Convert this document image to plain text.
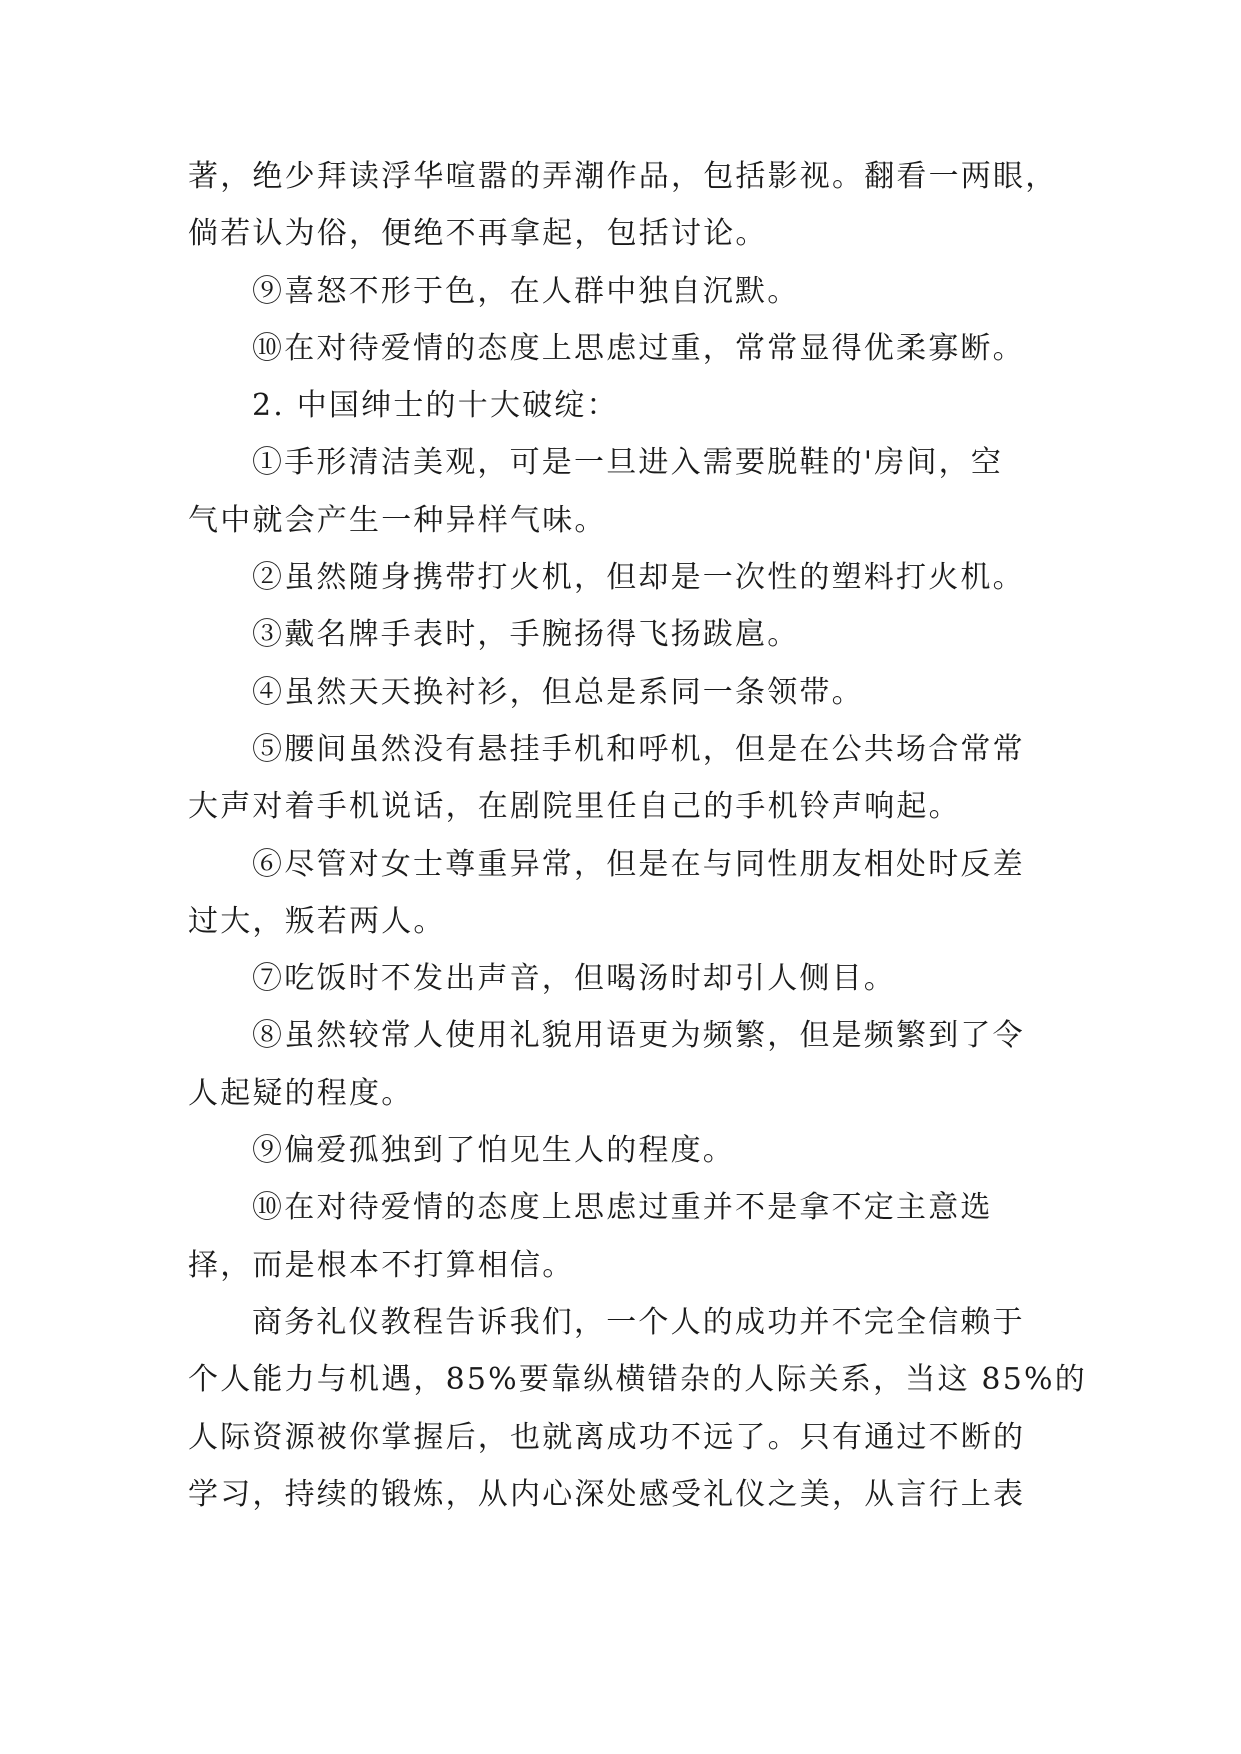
著，绝少拜读浮华喧嚣的弄潮作品，包括影视。翻看一两眼，

倘若认为俗，便绝不再拿起，包括讨论。

⑨喜怒不形于色，在人群中独自沉默。

⑩在对待爱情的态度上思虑过重，常常显得优柔寡断。

2. 中国绅士的十大破绽：

①手形清洁美观，可是一旦进入需要脱鞋的'房间，空

气中就会产生一种异样气味。

②虽然随身携带打火机，但却是一次性的塑料打火机。

③戴名牌手表时，手腕扬得飞扬跋扈。

④虽然天天换衬衫，但总是系同一条领带。

⑤腰间虽然没有悬挂手机和呼机，但是在公共场合常常

大声对着手机说话，在剧院里任自己的手机铃声响起。

⑥尽管对女士尊重异常，但是在与同性朋友相处时反差

过大，叛若两人。

⑦吃饭时不发出声音，但喝汤时却引人侧目。

⑧虽然较常人使用礼貌用语更为频繁，但是频繁到了令

人起疑的程度。

⑨偏爱孤独到了怕见生人的程度。

⑩在对待爱情的态度上思虑过重并不是拿不定主意选

择，而是根本不打算相信。

商务礼仪教程告诉我们，一个人的成功并不完全信赖于

个人能力与机遇，85%要靠纵横错杂的人际关系，当这 85%的

人际资源被你掌握后，也就离成功不远了。只有通过不断的

学习，持续的锻炼，从内心深处感受礼仪之美，从言行上表
